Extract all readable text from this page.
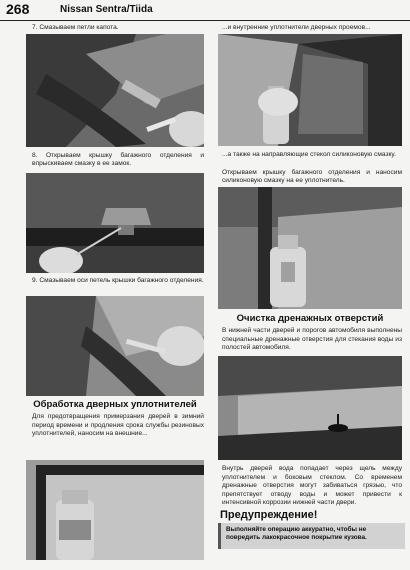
268	Nissan Sentra/Tiida
7. Смазываем петли капота.
8. Открываем крышку багажного отделения и впрыскиваем смазку в ее замок.
9. Смазываем оси петель крышки багажного отделения.
Обработка дверных уплотнителей
Для предотвращения примерзания дверей в зимний период времени и продления срока службы резиновых уплотнителей, наносим на внешние...
...и внутренние уплотнители дверных проемов...
...а также на направляющие стекол силиконовую смазку.
Открываем крышку багажного отделения и наносим силиконовую смазку на ее уплотнитель.
Очистка дренажных отверстий
В нижней части дверей и порогов автомобиля выполнены специальные дренажные отверстия для стекания воды из полостей автомобиля.
Внутрь дверей вода попадает через щель между уплотнителем и боковым стеклом. Со временем дренажные отверстия могут забиваться грязью, что препятствует отводу воды и может привести к интенсивной коррозии нижней части двери.
Предупреждение!
Выполняйте операцию аккуратно, чтобы не повредить лакокрасочное покрытие кузова.
